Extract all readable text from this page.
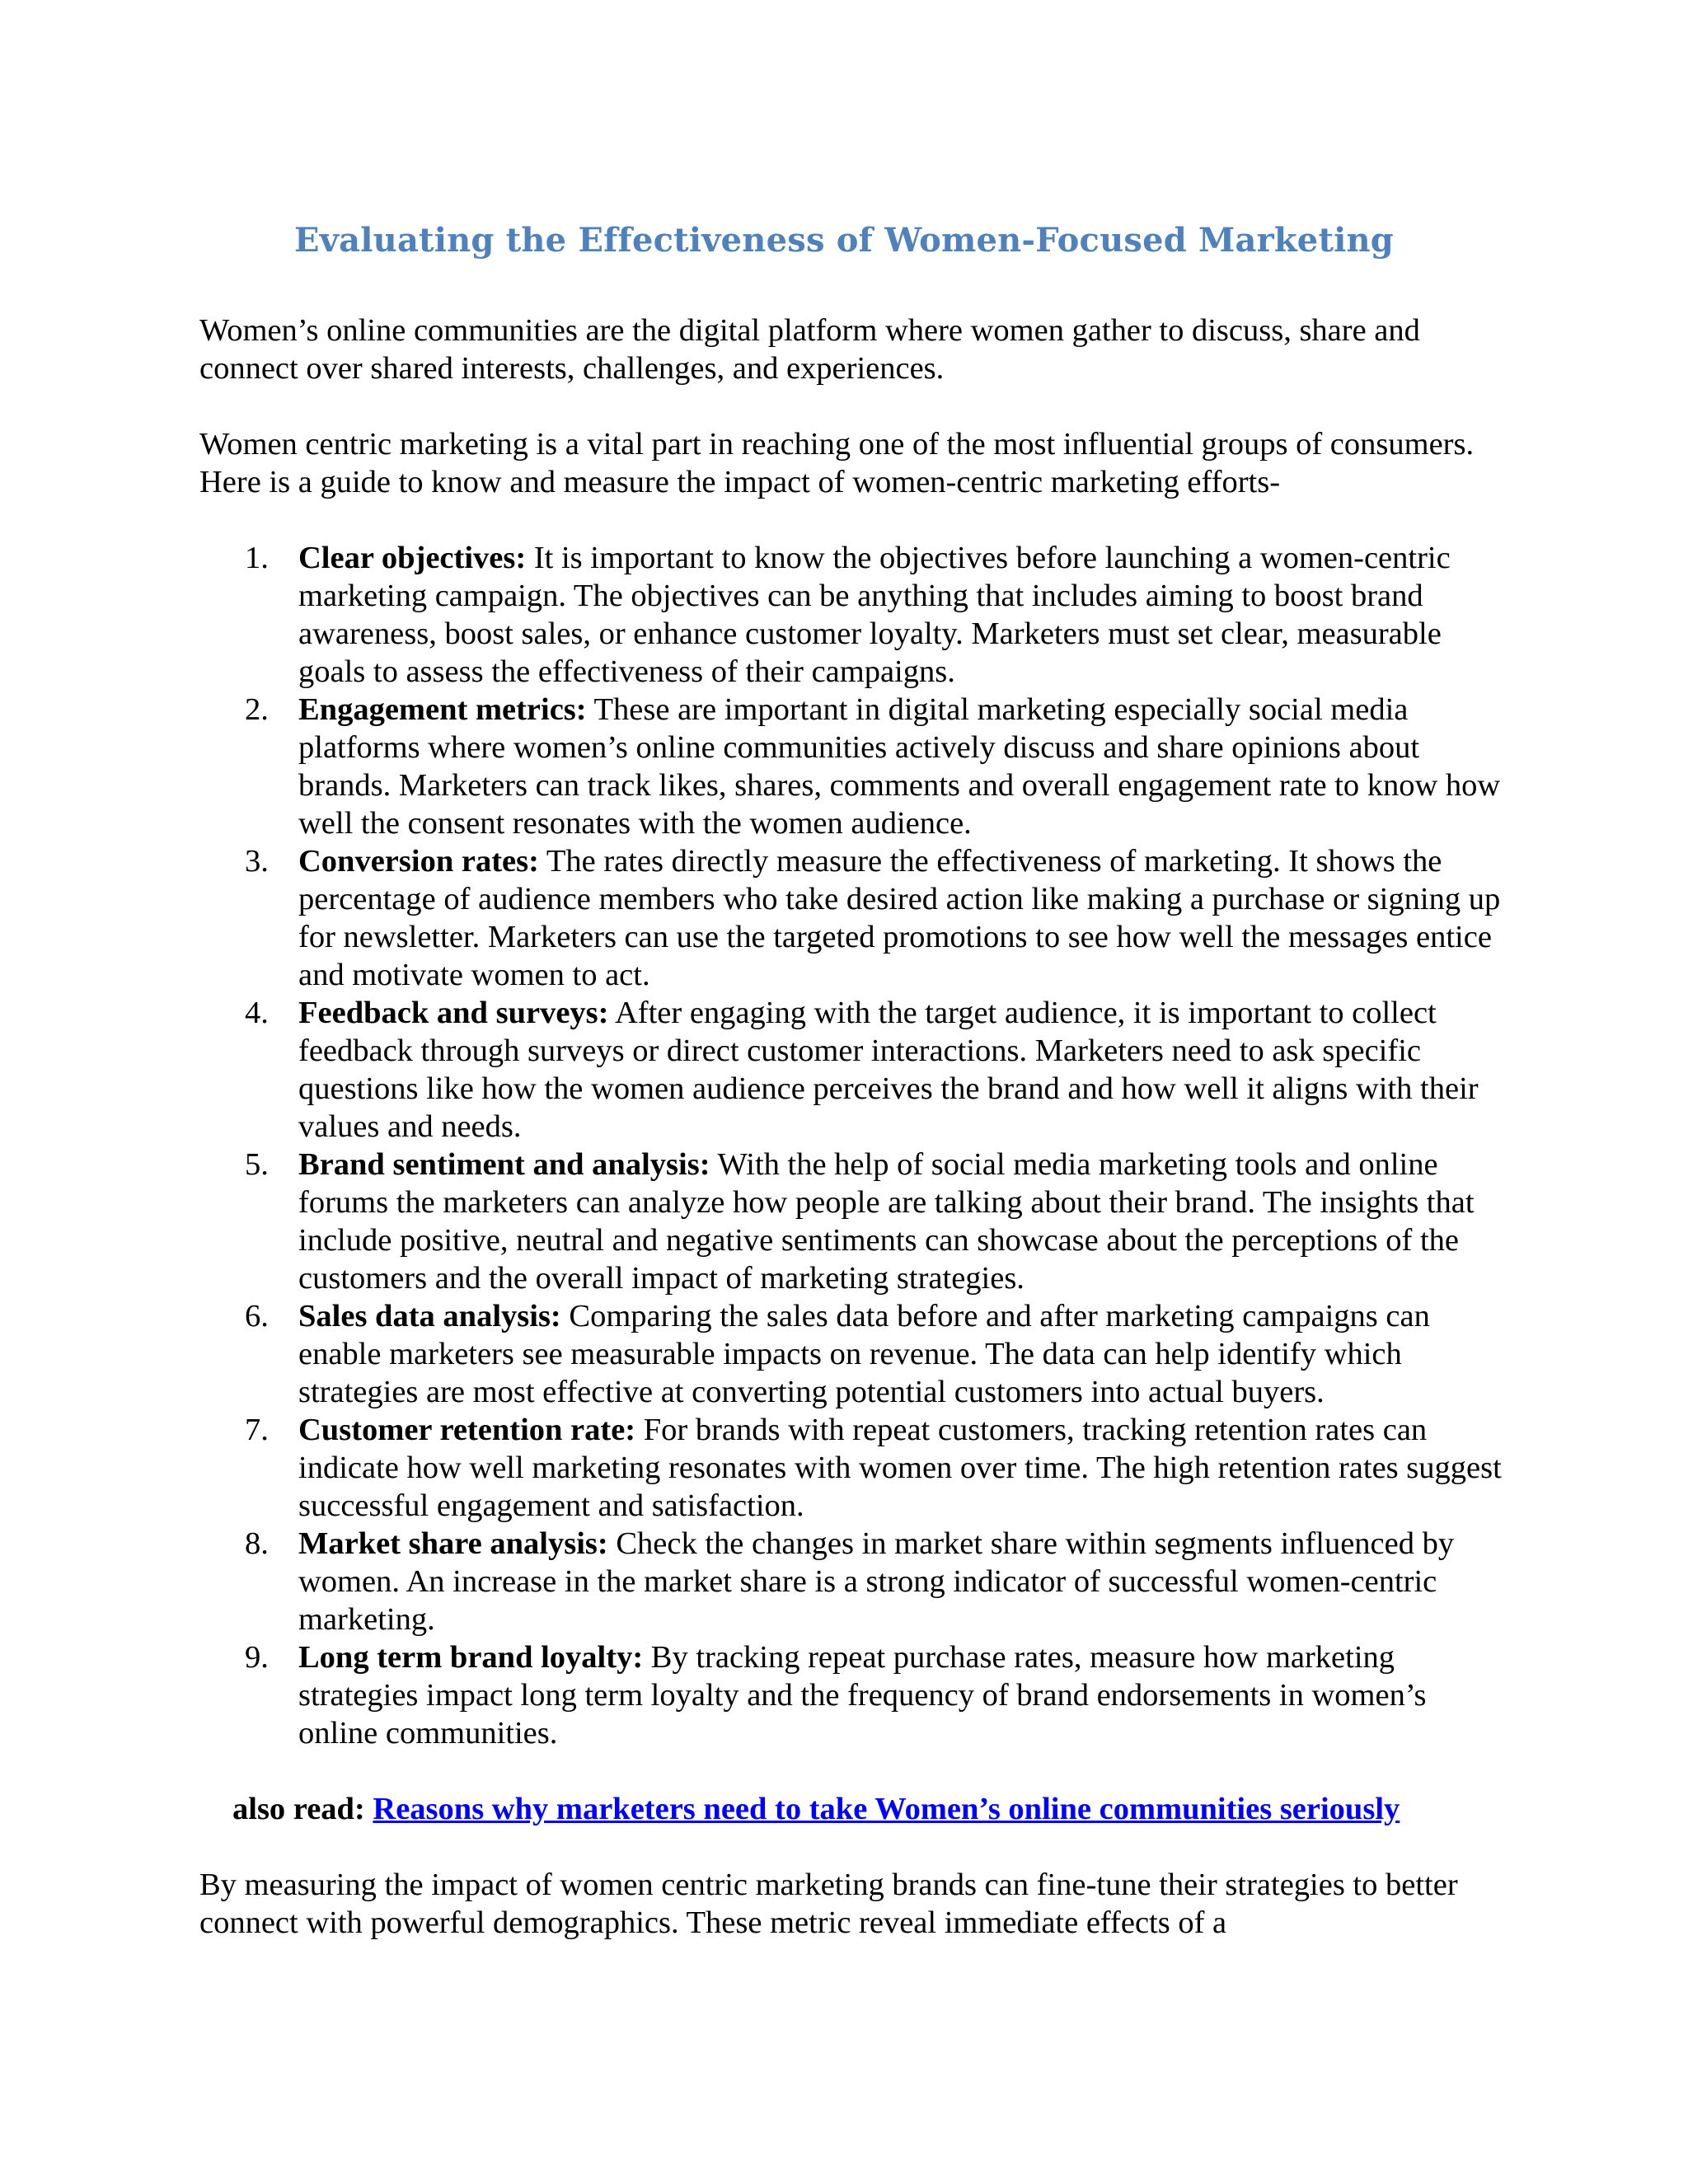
Evaluating the Effectiveness of Women-Focused Marketing

Women’s online communities are the digital platform where women gather to discuss, share and connect over shared interests, challenges, and experiences.

Women centric marketing is a vital part in reaching one of the most influential groups of consumers. Here is a guide to know and measure the impact of women-centric marketing efforts-

1. Clear objectives: It is important to know the objectives before launching a women-centric marketing campaign. The objectives can be anything that includes aiming to boost brand awareness, boost sales, or enhance customer loyalty. Marketers must set clear, measurable goals to assess the effectiveness of their campaigns.
2. Engagement metrics: These are important in digital marketing especially social media platforms where women’s online communities actively discuss and share opinions about brands. Marketers can track likes, shares, comments and overall engagement rate to know how well the consent resonates with the women audience.
3. Conversion rates: The rates directly measure the effectiveness of marketing. It shows the percentage of audience members who take desired action like making a purchase or signing up for newsletter. Marketers can use the targeted promotions to see how well the messages entice and motivate women to act.
4. Feedback and surveys: After engaging with the target audience, it is important to collect feedback through surveys or direct customer interactions. Marketers need to ask specific questions like how the women audience perceives the brand and how well it aligns with their values and needs.
5. Brand sentiment and analysis: With the help of social media marketing tools and online forums the marketers can analyze how people are talking about their brand. The insights that include positive, neutral and negative sentiments can showcase about the perceptions of the customers and the overall impact of marketing strategies.
6. Sales data analysis: Comparing the sales data before and after marketing campaigns can enable marketers see measurable impacts on revenue. The data can help identify which strategies are most effective at converting potential customers into actual buyers.
7. Customer retention rate: For brands with repeat customers, tracking retention rates can indicate how well marketing resonates with women over time. The high retention rates suggest successful engagement and satisfaction.
8. Market share analysis: Check the changes in market share within segments influenced by women. An increase in the market share is a strong indicator of successful women-centric marketing.
9. Long term brand loyalty: By tracking repeat purchase rates, measure how marketing strategies impact long term loyalty and the frequency of brand endorsements in women’s online communities.

also read: Reasons why marketers need to take Women’s online communities seriously

By measuring the impact of women centric marketing brands can fine-tune their strategies to better connect with powerful demographics. These metric reveal immediate effects of a
